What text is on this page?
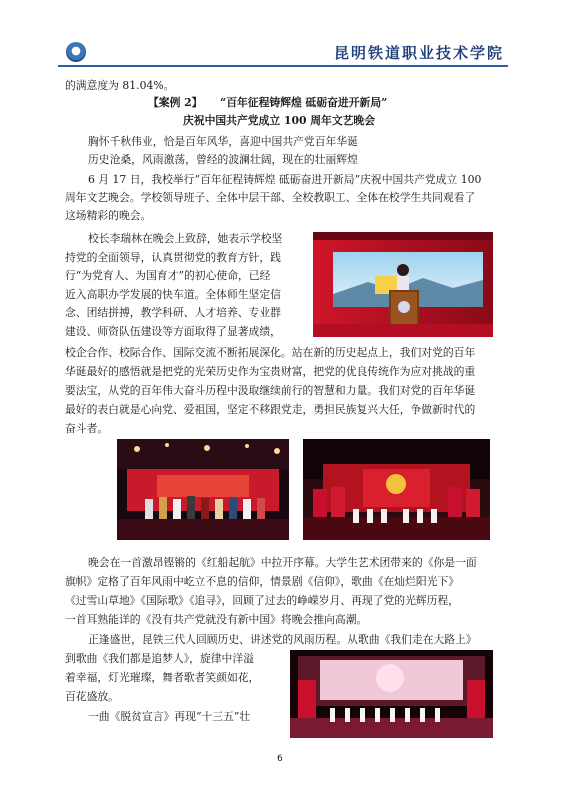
昆明铁道职业技术学院
的满意度为 81.04%。
【案例 2】 “百年征程铸辉煌 砥砺奋进开新局”
庆祝中国共产党成立 100 周年文艺晚会
胸怀千秋伟业，恰是百年风华，喜迎中国共产党百年华诞
历史沧桑，风雨激荡，曾经的波澜壮阔，现在的壮丽辉煌
6 月 17 日，我校举行“百年征程铸辉煌 砥砺奋进开新局”庆祝中国共产党成立 100
周年文艺晚会。学校领导班子、全体中层干部、全校教职工、全体在校学生共同观看了
这场精彩的晚会。
校长李瑞林在晚会上致辞，她表示学校坚
持党的全面领导，认真贯彻党的教育方针，践
行“为党育人、为国育才”的初心使命，已经
近入高职办学发展的快车道。全体师生坚定信
念、团结拼搏，教学科研、人才培养、专业群
建设、师资队伍建设等方面取得了显著成绩，
校企合作、校际合作、国际交流不断拓展深化。站在新的历史起点上，我们对党的百年
华诞最好的感悟就是把党的光荣历史作为宝贵财富，把党的优良传统作为应对挑战的重
要法宝，从党的百年伟大奋斗历程中汲取继续前行的智慧和力量。我们对党的百年华诞
最好的表白就是心向党、爱祖国，坚定不移跟党走，勇担民族复兴大任，争做新时代的
奋斗者。
晚会在一首激昂铿锵的《红船起航》中拉开序幕。大学生艺术团带来的《你是一面
旗帜》定格了百年风雨中屹立不息的信仰，情景剧《信仰》，歌曲《在灿烂阳光下》
《过雪山草地》《国际歌》《追寻》，回顾了过去的峥嵘岁月、再现了党的光辉历程，
一首耳熟能详的《没有共产党就没有新中国》将晚会推向高潮。
正逢盛世，昆铁三代人回顾历史、讲述党的风雨历程。从歌曲《我们走在大路上》
到歌曲《我们都是追梦人》，旋律中洋溢
着幸福，灯光璀璨，舞者歌者笑颜如花，
百花盛放。
一曲《脱贫宣言》再现“十三五”壮
6
